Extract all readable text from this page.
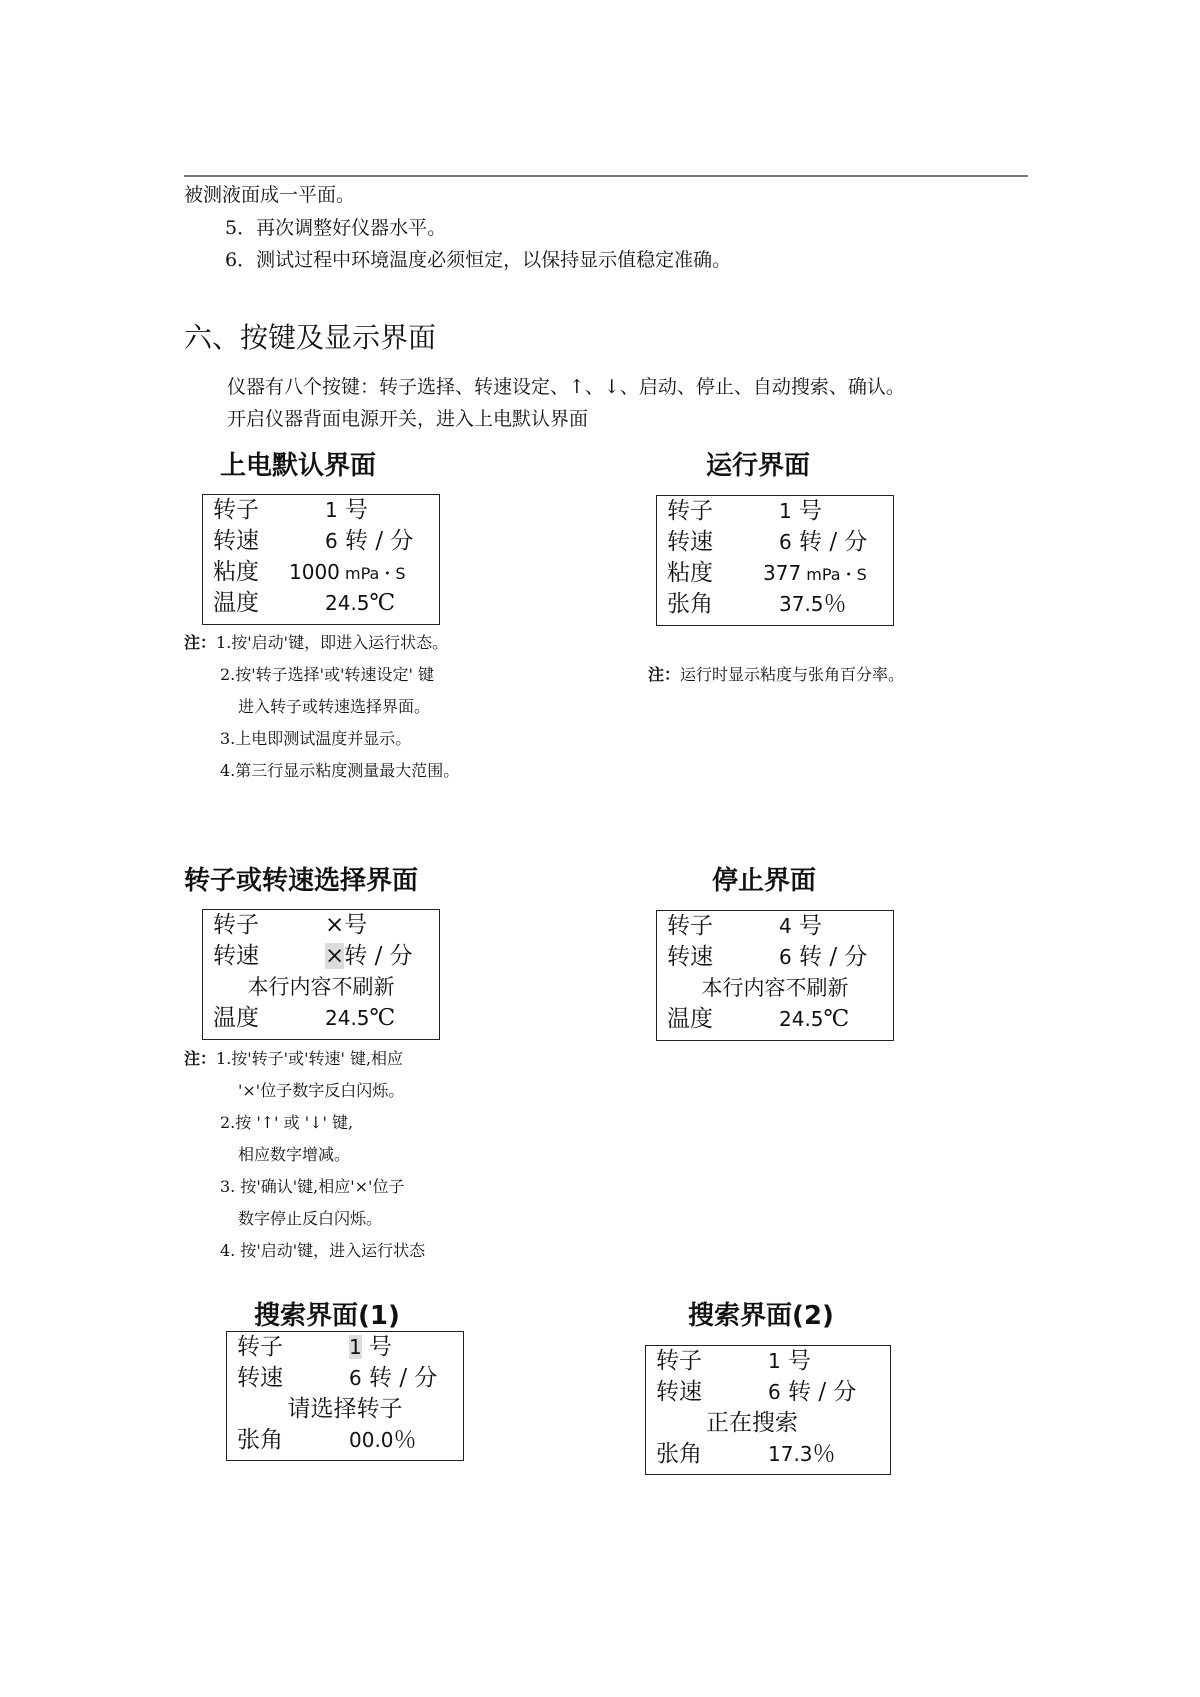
被测液面成一平面。
5．再次调整好仪器水平。
6．测试过程中环境温度必须恒定，以保持显示值稳定准确。
六、按键及显示界面
仪器有八个按键：转子选择、转速设定、↑、↓、启动、停止、自动搜索、确认。
开启仪器背面电源开关，进入上电默认界面
上电默认界面
转子	1 号
转速	6 转 / 分
粘度 1000 mPa・S
温度	24.5℃
注：1.按'启动'键，即进入运行状态。
2.按'转子选择'或'转速设定' 键
进入转子或转速选择界面。
3.上电即测试温度并显示。
4.第三行显示粘度测量最大范围。
运行界面
转子	1 号
转速	6 转 / 分
粘度	377 mPa・S
张角	37.5％
注：运行时显示粘度与张角百分率。
转子或转速选择界面
转子	×号
转速	×转 / 分
本行内容不刷新
温度	24.5℃
注：1.按'转子'或'转速' 键,相应
'×'位子数字反白闪烁。
2.按 '↑' 或 '↓' 键,
相应数字增减。
3. 按'确认'键,相应'×'位子
数字停止反白闪烁。
4. 按'启动'键，进入运行状态
停止界面
转子	4 号
转速	6 转 / 分
本行内容不刷新
温度	24.5℃
搜索界面(1)
转子	1 号
转速	6 转 / 分
请选择转子
张角	00.0％
搜索界面(2)
转子	1 号
转速	6 转 / 分
正在搜索
张角	17.3％
